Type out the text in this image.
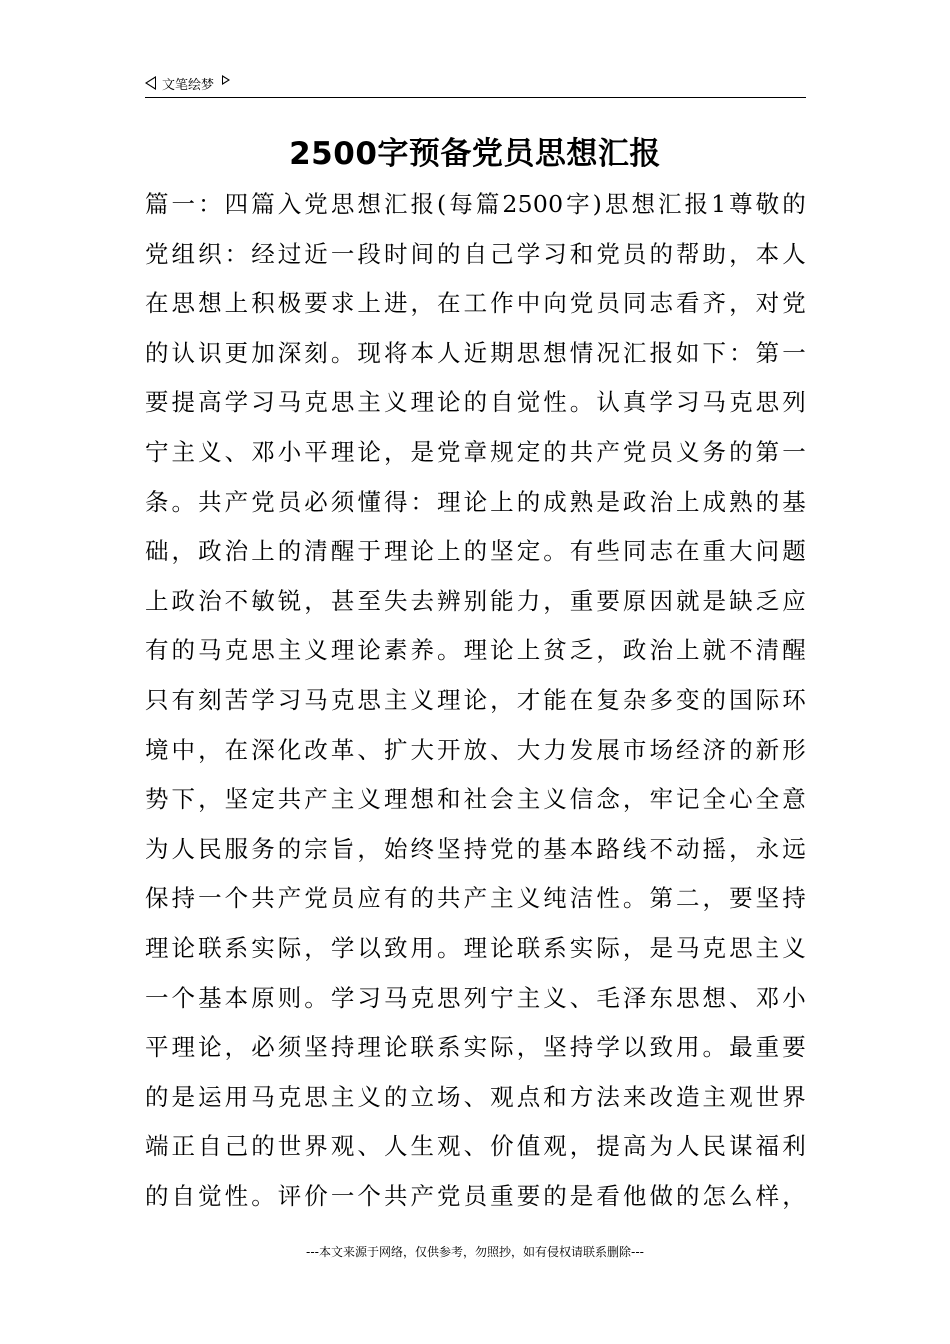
文笔绘梦
2500字预备党员思想汇报
篇一：四篇入党思想汇报(每篇2500字)思想汇报1尊敬的
党组织：经过近一段时间的自己学习和党员的帮助，本人
在思想上积极要求上进，在工作中向党员同志看齐，对党
的认识更加深刻。现将本人近期思想情况汇报如下：第一
要提高学习马克思主义理论的自觉性。认真学习马克思列
宁主义、邓小平理论，是党章规定的共产党员义务的第一
条。共产党员必须懂得：理论上的成熟是政治上成熟的基
础，政治上的清醒于理论上的坚定。有些同志在重大问题
上政治不敏锐，甚至失去辨别能力，重要原因就是缺乏应
有的马克思主义理论素养。理论上贫乏，政治上就不清醒
只有刻苦学习马克思主义理论，才能在复杂多变的国际环
境中，在深化改革、扩大开放、大力发展市场经济的新形
势下，坚定共产主义理想和社会主义信念，牢记全心全意
为人民服务的宗旨，始终坚持党的基本路线不动摇，永远
保持一个共产党员应有的共产主义纯洁性。第二，要坚持
理论联系实际，学以致用。理论联系实际，是马克思主义
一个基本原则。学习马克思列宁主义、毛泽东思想、邓小
平理论，必须坚持理论联系实际，坚持学以致用。最重要
的是运用马克思主义的立场、观点和方法来改造主观世界
端正自己的世界观、人生观、价值观，提高为人民谋福利
的自觉性。评价一个共产党员重要的是看他做的怎么样，
---本文来源于网络，仅供参考，勿照抄，如有侵权请联系删除---
